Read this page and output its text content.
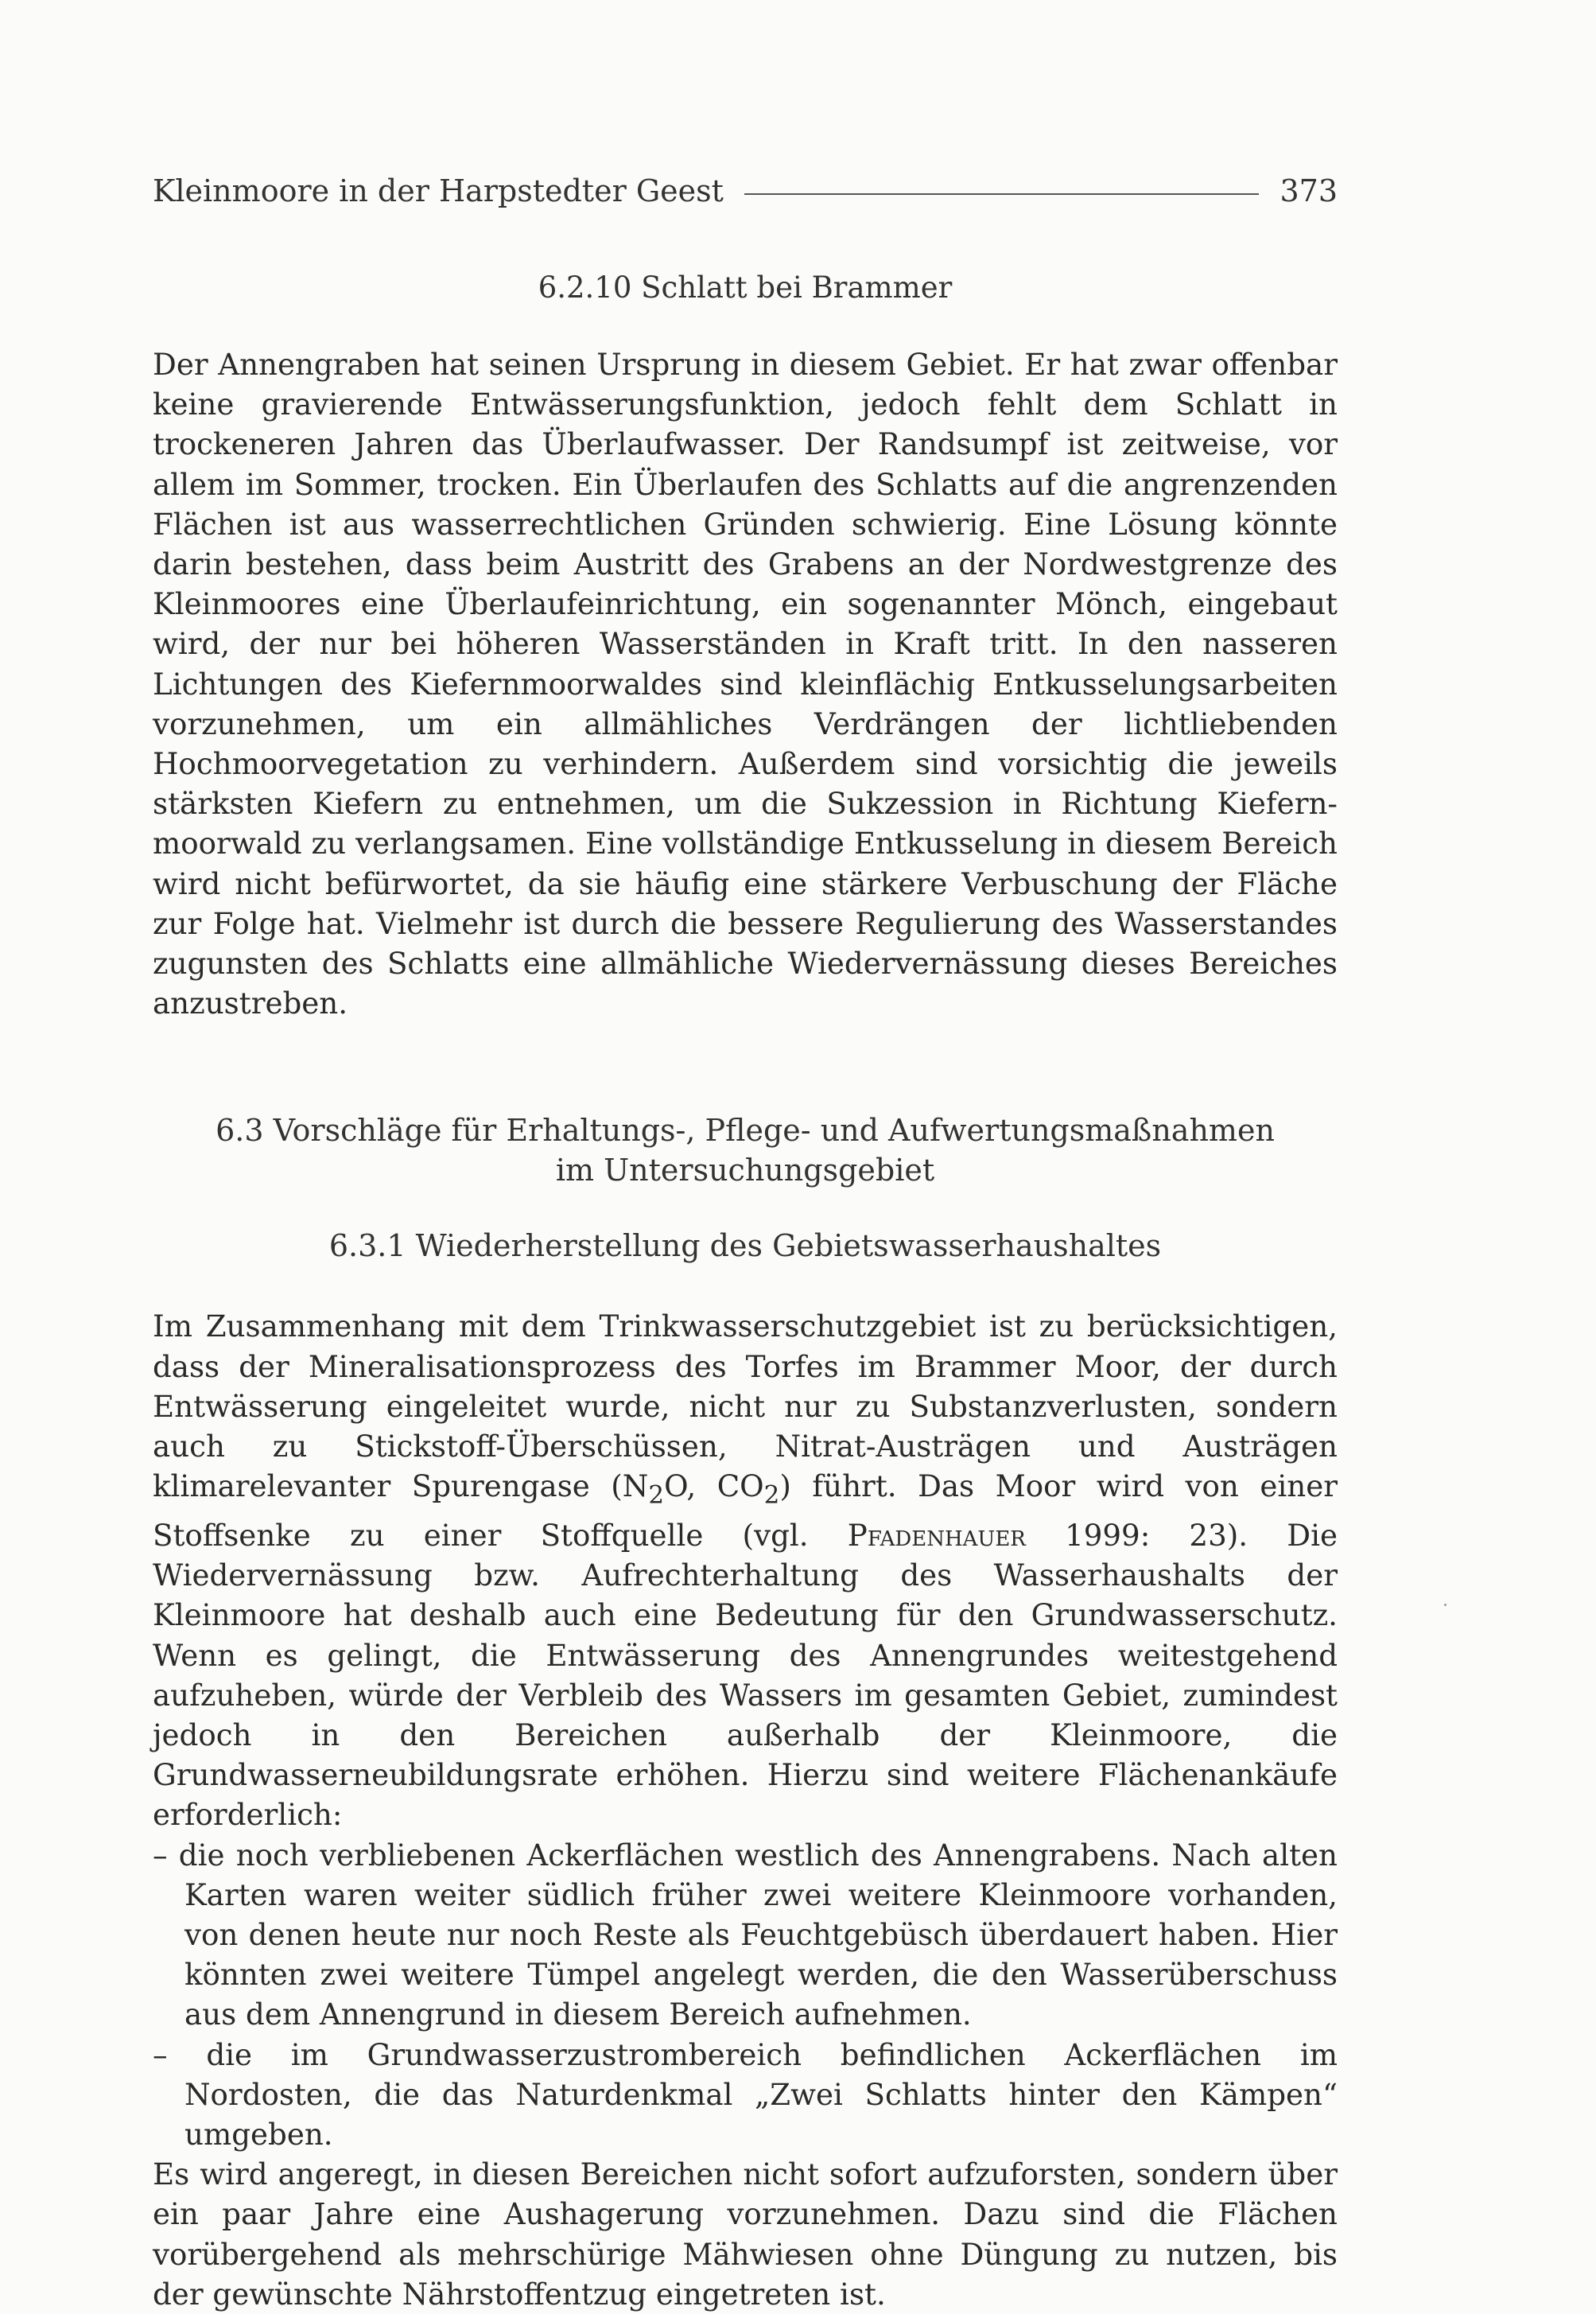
Kleinmoore in der Harpstedter Geest	373
6.2.10 Schlatt bei Brammer

Der Annengraben hat seinen Ursprung in diesem Gebiet. Er hat zwar offenbar keine gravierende Entwässerungsfunktion, jedoch fehlt dem Schlatt in trockeneren Jahren das Überlaufwasser. Der Randsumpf ist zeitweise, vor allem im Sommer, trocken. Ein Überlaufen des Schlatts auf die angrenzenden Flächen ist aus wasserrechtlichen Gründen schwierig. Eine Lösung könnte darin bestehen, dass beim Austritt des Grabens an der Nordwestgrenze des Kleinmoores eine Überlaufeinrichtung, ein sogenannter Mönch, eingebaut wird, der nur bei höheren Wasserständen in Kraft tritt. In den nasseren Lichtungen des Kiefernmoorwaldes sind kleinflächig Entkusselungsarbeiten vorzunehmen, um ein allmähliches Verdrängen der lichtliebenden Hochmoorvegetation zu verhindern. Außerdem sind vorsichtig die jeweils stärksten Kiefern zu entnehmen, um die Sukzession in Richtung Kiefernmoorwald zu verlangsamen. Eine vollständige Entkusselung in diesem Bereich wird nicht befürwortet, da sie häufig eine stärkere Verbuschung der Fläche zur Folge hat. Vielmehr ist durch die bessere Regulierung des Wasserstandes zugunsten des Schlatts eine allmähliche Wiedervernässung dieses Bereiches anzustreben.

6.3 Vorschläge für Erhaltungs-, Pflege- und Aufwertungsmaßnahmen
im Untersuchungsgebiet
6.3.1 Wiederherstellung des Gebietswasserhaushaltes

Im Zusammenhang mit dem Trinkwasserschutzgebiet ist zu berücksichtigen, dass der Mineralisationsprozess des Torfes im Brammer Moor, der durch Entwässerung eingeleitet wurde, nicht nur zu Substanzverlusten, sondern auch zu Stickstoff-Überschüssen, Nitrat-Austrägen und Austrägen klimarelevanter Spurengase ($N_2O$, $CO_2$) führt. Das Moor wird von einer Stoffsenke zu einer Stoffquelle (vgl. Pfadenhauer 1999: 23). Die Wiedervernässung bzw. Aufrechterhaltung des Wasserhaushalts der Kleinmoore hat deshalb auch eine Bedeutung für den Grundwasserschutz. Wenn es gelingt, die Entwässerung des Annengrundes weitestgehend aufzuheben, würde der Verbleib des Wassers im gesamten Gebiet, zumindest jedoch in den Bereichen außerhalb der Kleinmoore, die Grundwasserneubildungsrate erhöhen. Hierzu sind weitere Flächenankäufe erforderlich:

– die noch verbliebenen Ackerflächen westlich des Annengrabens. Nach alten Karten waren weiter südlich früher zwei weitere Kleinmoore vorhanden, von denen heute nur noch Reste als Feuchtgebüsch überdauert haben. Hier könnten zwei weitere Tümpel angelegt werden, die den Wasserüberschuss aus dem Annengrund in diesem Bereich aufnehmen.
– die im Grundwasserzustrombereich befindlichen Ackerflächen im Nordosten, die das Naturdenkmal „Zwei Schlatts hinter den Kämpen“ umgeben.

Es wird angeregt, in diesen Bereichen nicht sofort aufzuforsten, sondern über ein paar Jahre eine Aushagerung vorzunehmen. Dazu sind die Flächen vorübergehend als mehrschürige Mähwiesen ohne Düngung zu nutzen, bis der gewünschte Nährstoffentzug eingetreten ist.
